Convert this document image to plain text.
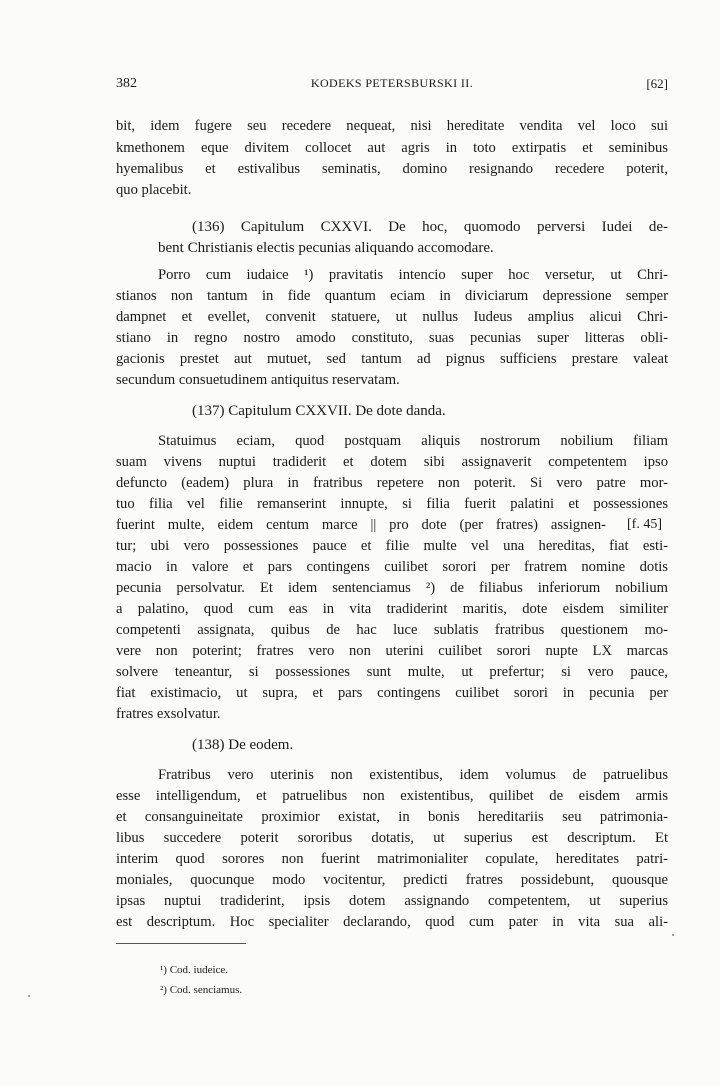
382	KODEKS PETERSBURSKI II.	[62]
bit, idem fugere seu recedere nequeat, nisi hereditate vendita vel loco sui
kmethonem eque divitem collocet aut agris in toto extirpatis et seminibus
hyemalibus et estivalibus seminatis, domino resignando recedere poterit,
quo placebit.
(136) Capitulum CXXVI. De hoc, quomodo perversi Iudei de-
bent Christianis electis pecunias aliquando accomodare.
Porro cum iudaice ¹) pravitatis intencio super hoc versetur, ut Chri-
stianos non tantum in fide quantum eciam in diviciarum depressione semper
dampnet et evellet, convenit statuere, ut nullus Iudeus amplius alicui Chri-
stiano in regno nostro amodo constituto, suas pecunias super litteras obli-
gacionis prestet aut mutuet, sed tantum ad pignus sufficiens prestare valeat
secundum consuetudinem antiquitus reservatam.
(137) Capitulum CXXVII. De dote danda.
Statuimus eciam, quod postquam aliquis nostrorum nobilium filiam
suam vivens nuptui tradiderit et dotem sibi assignaverit competentem ipso
defuncto (eadem) plura in fratribus repetere non poterit. Si vero patre mor-
tuo filia vel filie remanserint innupte, si filia fuerit palatini et possessiones
fuerint multe, eidem centum marce || pro dote (per fratres) assignen- [f. 45]
tur; ubi vero possessiones pauce et filie multe vel una hereditas, fiat esti-
macio in valore et pars contingens cuilibet sorori per fratrem nomine dotis
pecunia persolvatur. Et idem sentenciamus ²) de filiabus inferiorum nobilium
a palatino, quod cum eas in vita tradiderint maritis, dote eisdem similiter
competenti assignata, quibus de hac luce sublatis fratribus questionem mo-
vere non poterint; fratres vero non uterini cuilibet sorori nupte LX marcas
solvere teneantur, si possessiones sunt multe, ut prefertur; si vero pauce,
fiat existimacio, ut supra, et pars contingens cuilibet sorori in pecunia per
fratres exsolvatur.
(138) De eodem.
Fratribus vero uterinis non existentibus, idem volumus de patruelibus
esse intelligendum, et patruelibus non existentibus, quilibet de eisdem armis
et consanguineitate proximior existat, in bonis hereditariis seu patrimonia-
libus succedere poterit sororibus dotatis, ut superius est descriptum. Et
interim quod sorores non fuerint matrimonialiter copulate, hereditates patri-
moniales, quocunque modo vocitentur, predicti fratres possidebunt, quousque
ipsas nuptui tradiderint, ipsis dotem assignando competentem, ut superius
est descriptum. Hoc specialiter declarando, quod cum pater in vita sua ali-
¹) Cod. iudeice.
²) Cod. senciamus.
